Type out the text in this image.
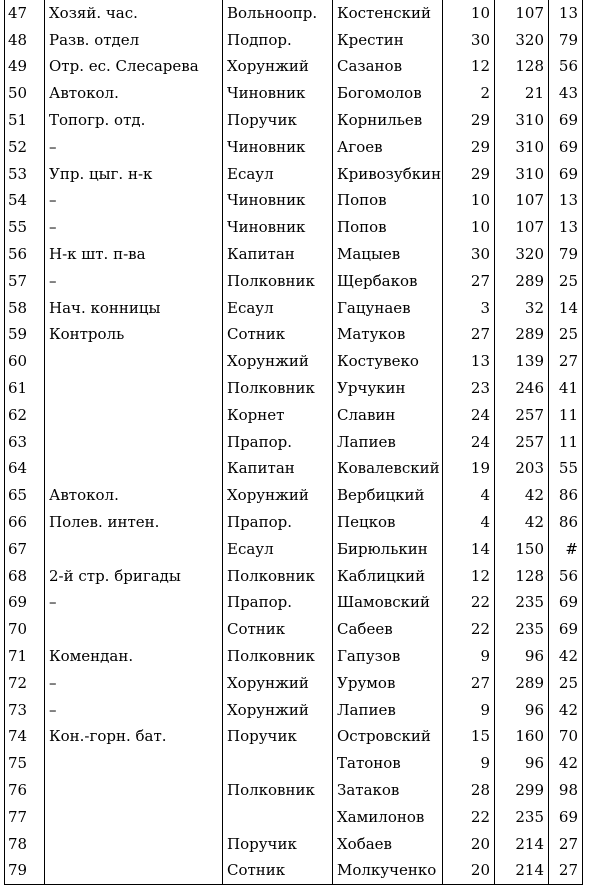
47	Хозяй. час.	Вольноопр.	Костенский	10	107	13
48	Разв. отдел	Подпор.	Крестин	30	320	79
49	Отр. ес. Слесарева	Хорунжий	Сазанов	12	128	56
50	Автокол.	Чиновник	Богомолов	2	21	43
51	Топогр. отд.	Поручик	Корнильев	29	310	69
52	–	Чиновник	Агоев	29	310	69
53	Упр. цыг. н-к	Есаул	Кривозубкин	29	310	69
54	–	Чиновник	Попов	10	107	13
55	–	Чиновник	Попов	10	107	13
56	Н-к шт. п-ва	Капитан	Мацыев	30	320	79
57	–	Полковник	Щербаков	27	289	25
58	Нач. конницы	Есаул	Гацунаев	3	32	14
59	Контроль	Сотник	Матуков	27	289	25
60		Хорунжий	Костувеко	13	139	27
61		Полковник	Урчукин	23	246	41
62		Корнет	Славин	24	257	11
63		Прапор.	Лапиев	24	257	11
64		Капитан	Ковалевский	19	203	55
65	Автокол.	Хорунжий	Вербицкий	4	42	86
66	Полев. интен.	Прапор.	Пецков	4	42	86
67		Есаул	Бирюлькин	14	150	#
68	2-й стр. бригады	Полковник	Каблицкий	12	128	56
69	–	Прапор.	Шамовский	22	235	69
70		Сотник	Сабеев	22	235	69
71	Комендан.	Полковник	Гапузов	9	96	42
72	–	Хорунжий	Урумов	27	289	25
73	–	Хорунжий	Лапиев	9	96	42
74	Кон.-горн. бат.	Поручик	Островский	15	160	70
75			Татонов	9	96	42
76		Полковник	Затаков	28	299	98
77			Хамилонов	22	235	69
78		Поручик	Хобаев	20	214	27
79		Сотник	Молкученко	20	214	27
